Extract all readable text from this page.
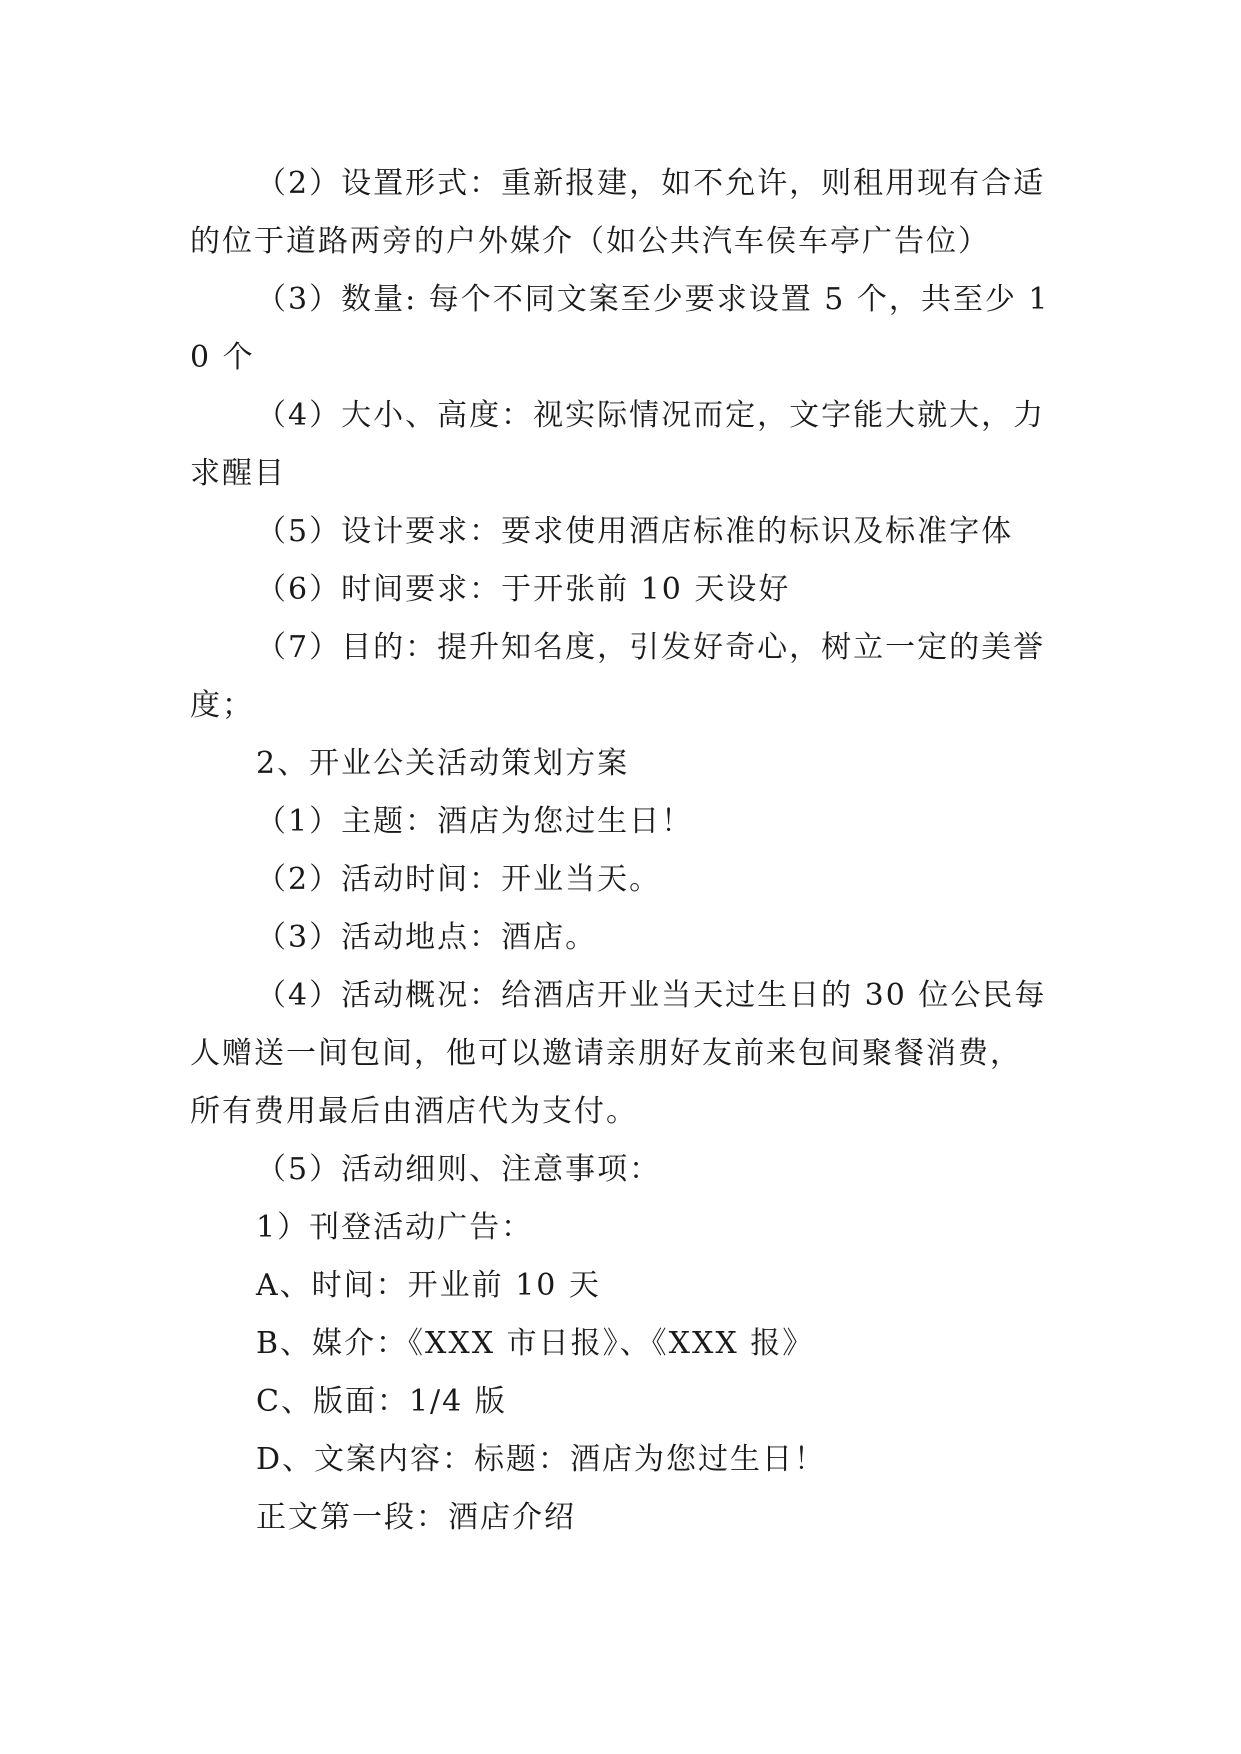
（2）设置形式：重新报建，如不允许，则租用现有合适的位于道路两旁的户外媒介（如公共汽车侯车亭广告位）

（3）数量: 每个不同文案至少要求设置 5 个，共至少 10 个

（4）大小、高度：视实际情况而定，文字能大就大，力求醒目

（5）设计要求：要求使用酒店标准的标识及标准字体

（6）时间要求：于开张前 10 天设好

（7）目的：提升知名度，引发好奇心，树立一定的美誉度；

2、开业公关活动策划方案

（1）主题：酒店为您过生日！

（2）活动时间：开业当天。

（3）活动地点：酒店。

（4）活动概况：给酒店开业当天过生日的 30 位公民每人赠送一间包间，他可以邀请亲朋好友前来包间聚餐消费，所有费用最后由酒店代为支付。

（5）活动细则、注意事项：

1）刊登活动广告：

A、时间：开业前 10 天

B、媒介：《XXX 市日报》、《XXX 报》

C、版面：1/4 版

D、文案内容：标题：酒店为您过生日！

正文第一段：酒店介绍
